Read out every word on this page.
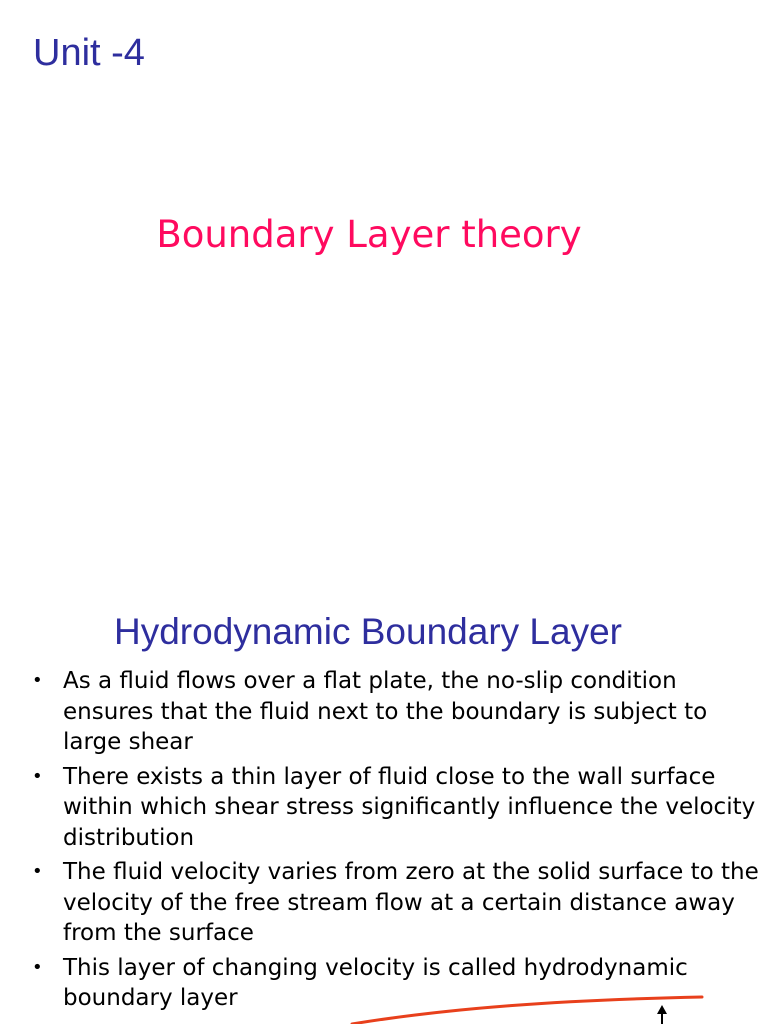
Unit -4
Boundary Layer theory
Hydrodynamic Boundary Layer
• As a fluid flows over a flat plate, the no-slip condition ensures that the fluid next to the boundary is subject to large shear
• There exists a thin layer of fluid close to the wall surface within which shear stress significantly influence the velocity distribution
• The fluid velocity varies from zero at the solid surface to the velocity of the free stream flow at a certain distance away from the surface
• This layer of changing velocity is called hydrodynamic boundary layer
